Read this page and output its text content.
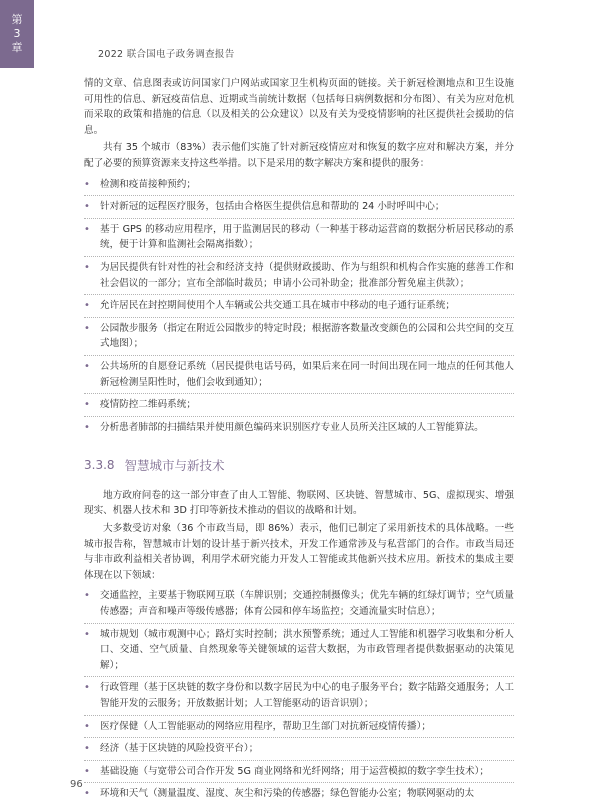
第
3
章
2022 联合国电子政务调查报告

情的文章、信息图表或访问国家门户网站或国家卫生机构页面的链接。关于新冠检测地点和卫生设施可用性的信息、新冠疫苗信息、近期或当前统计数据（包括每日病例数据和分布图）、有关为应对危机而采取的政策和措施的信息（以及相关的公众建议）以及有关为受疫情影响的社区提供社会援助的信息。

共有 35 个城市（83%）表示他们实施了针对新冠疫情应对和恢复的数字应对和解决方案，并分配了必要的预算资源来支持这些举措。以下是采用的数字解决方案和提供的服务：

• 检测和疫苗接种预约；
• 针对新冠的远程医疗服务，包括由合格医生提供信息和帮助的 24 小时呼叫中心；
• 基于 GPS 的移动应用程序，用于监测居民的移动（一种基于移动运营商的数据分析居民移动的系统，便于计算和监测社会隔离指数）；
• 为居民提供有针对性的社会和经济支持（提供财政援助、作为与组织和机构合作实施的慈善工作和社会倡议的一部分；宣布全部临时裁员；申请小公司补助金；批准部分暂免雇主供款）；
• 允许居民在封控期间使用个人车辆或公共交通工具在城市中移动的电子通行证系统；
• 公园散步服务（指定在附近公园散步的特定时段；根据游客数量改变颜色的公园和公共空间的交互式地图）；
• 公共场所的自愿登记系统（居民提供电话号码，如果后来在同一时间出现在同一地点的任何其他人新冠检测呈阳性时，他们会收到通知）；
• 疫情防控二维码系统；
• 分析患者肺部的扫描结果并使用颜色编码来识别医疗专业人员所关注区域的人工智能算法。
3.3.8 智慧城市与新技术

地方政府问卷的这一部分审查了由人工智能、物联网、区块链、智慧城市、5G、虚拟现实、增强现实、机器人技术和 3D 打印等新技术推动的倡议的战略和计划。

大多数受访对象（36 个市政当局，即 86%）表示，他们已制定了采用新技术的具体战略。一些城市报告称，智慧城市计划的设计基于新兴技术，开发工作通常涉及与私营部门的合作。市政当局还与非市政利益相关者协调，利用学术研究能力开发人工智能或其他新兴技术应用。新技术的集成主要体现在以下领域：

• 交通监控，主要基于物联网互联（车牌识别；交通控制摄像头；优先车辆的红绿灯调节；空气质量传感器；声音和噪声等级传感器；体育公园和停车场监控；交通流量实时信息）；
• 城市规划（城市观测中心；路灯实时控制；洪水预警系统；通过人工智能和机器学习收集和分析人口、交通、空气质量、自然现象等关键领域的运营大数据，为市政管理者提供数据驱动的决策见解）；
• 行政管理（基于区块链的数字身份和以数字居民为中心的电子服务平台；数字陆路交通服务；人工智能开发的云服务；开放数据计划；人工智能驱动的语音识别）；
• 医疗保健（人工智能驱动的网络应用程序，帮助卫生部门对抗新冠疫情传播）；
• 经济（基于区块链的风险投资平台）；
• 基础设施（与宽带公司合作开发 5G 商业网络和光纤网络；用于运营模拟的数字孪生技术）；
• 环境和天气（测量温度、湿度、灰尘和污染的传感器；绿色智能办公室；物联网驱动的太
96
